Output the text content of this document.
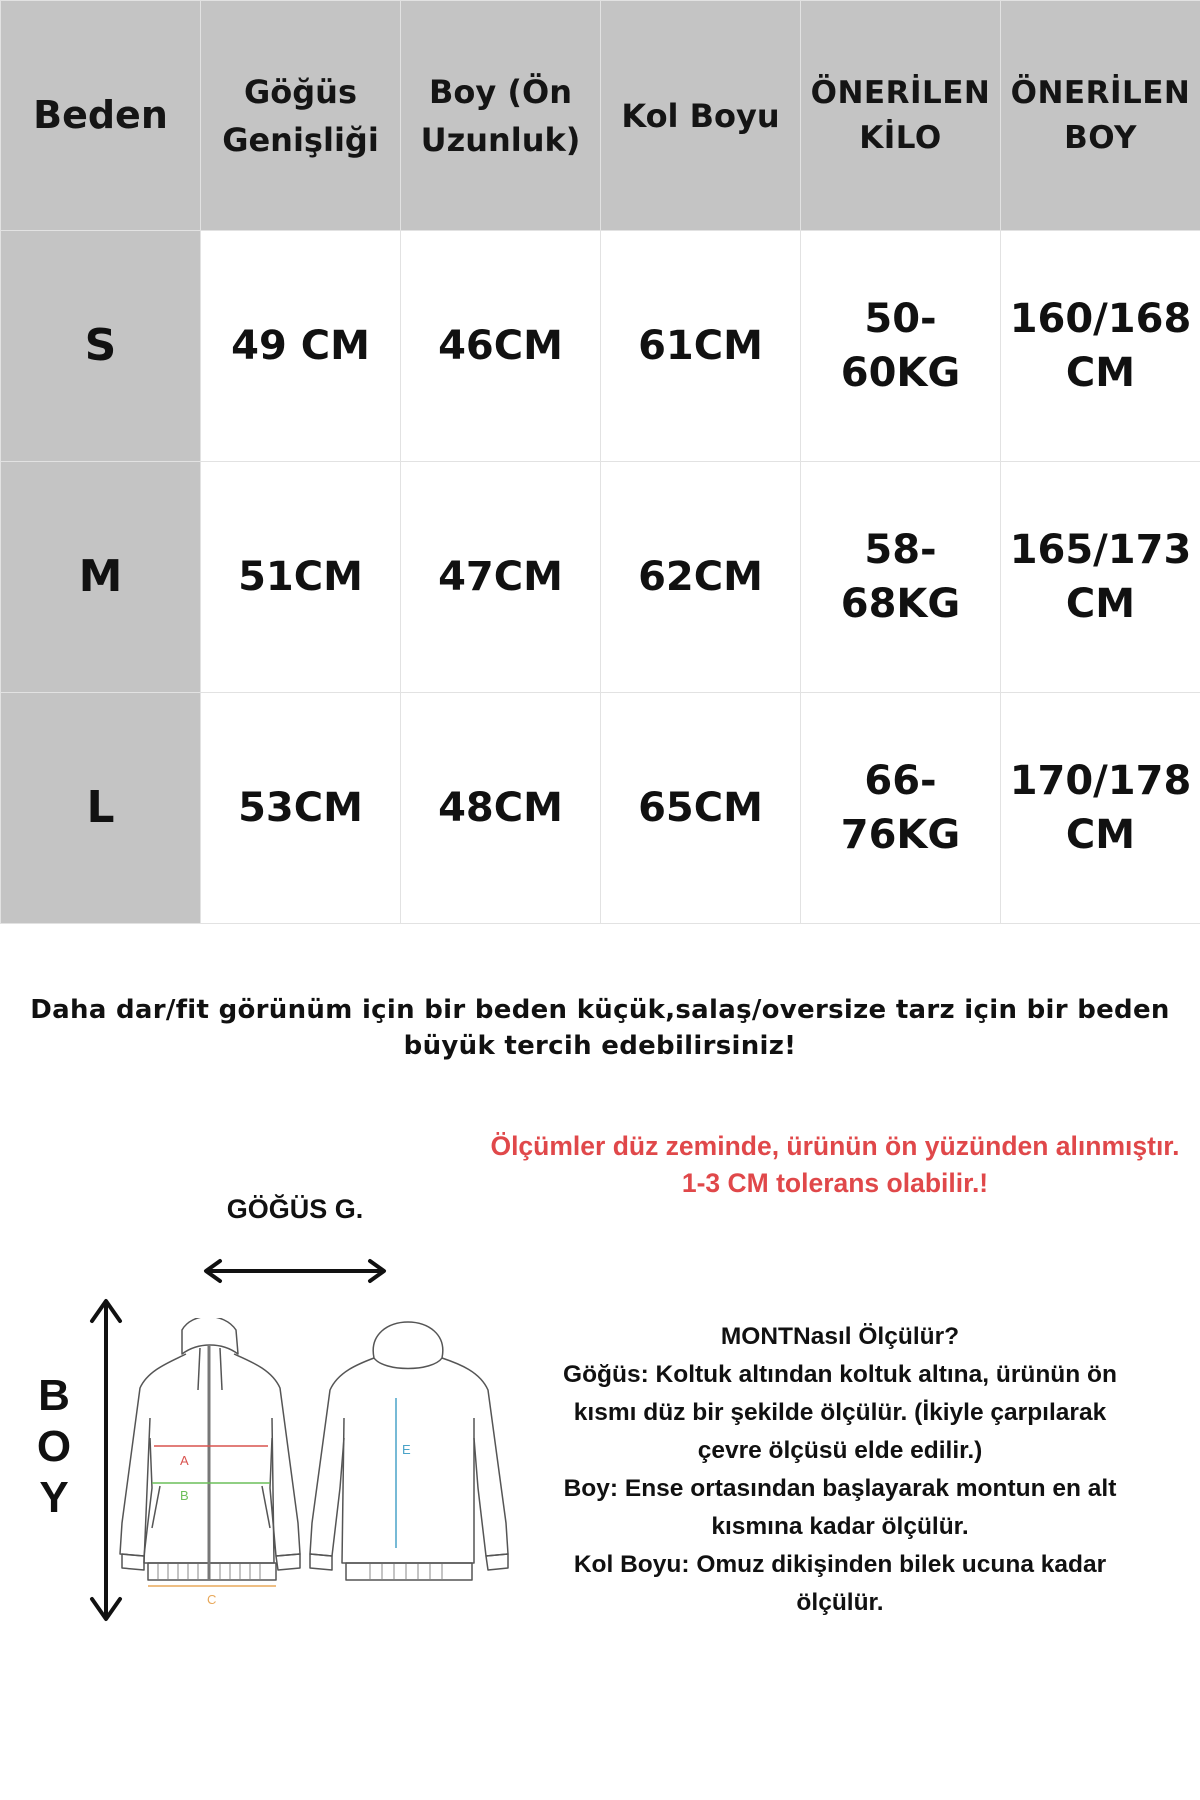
Beden	Göğüs Genişliği	Boy (Ön Uzunluk)	Kol Boyu	ÖNERİLEN KİLO	ÖNERİLEN BOY
S	49 CM	46CM	61CM	50-60KG	160/168 CM
M	51CM	47CM	62CM	58-68KG	165/173 CM
L	53CM	48CM	65CM	66-76KG	170/178 CM
Daha dar/fit görünüm için bir beden küçük,salaş/oversize tarz için bir beden büyük tercih edebilirsiniz!
Ölçümler düz zeminde, ürünün ön yüzünden alınmıştır.
1-3 CM tolerans olabilir.!
GÖĞÜS G.
B
O
Y
A
B
C
E

MONTNasıl Ölçülür?

Göğüs: Koltuk altından koltuk altına, ürünün ön kısmı düz bir şekilde ölçülür. (İkiyle çarpılarak çevre ölçüsü elde edilir.)

Boy: Ense ortasından başlayarak montun en alt kısmına kadar ölçülür.

Kol Boyu: Omuz dikişinden bilek ucuna kadar ölçülür.
